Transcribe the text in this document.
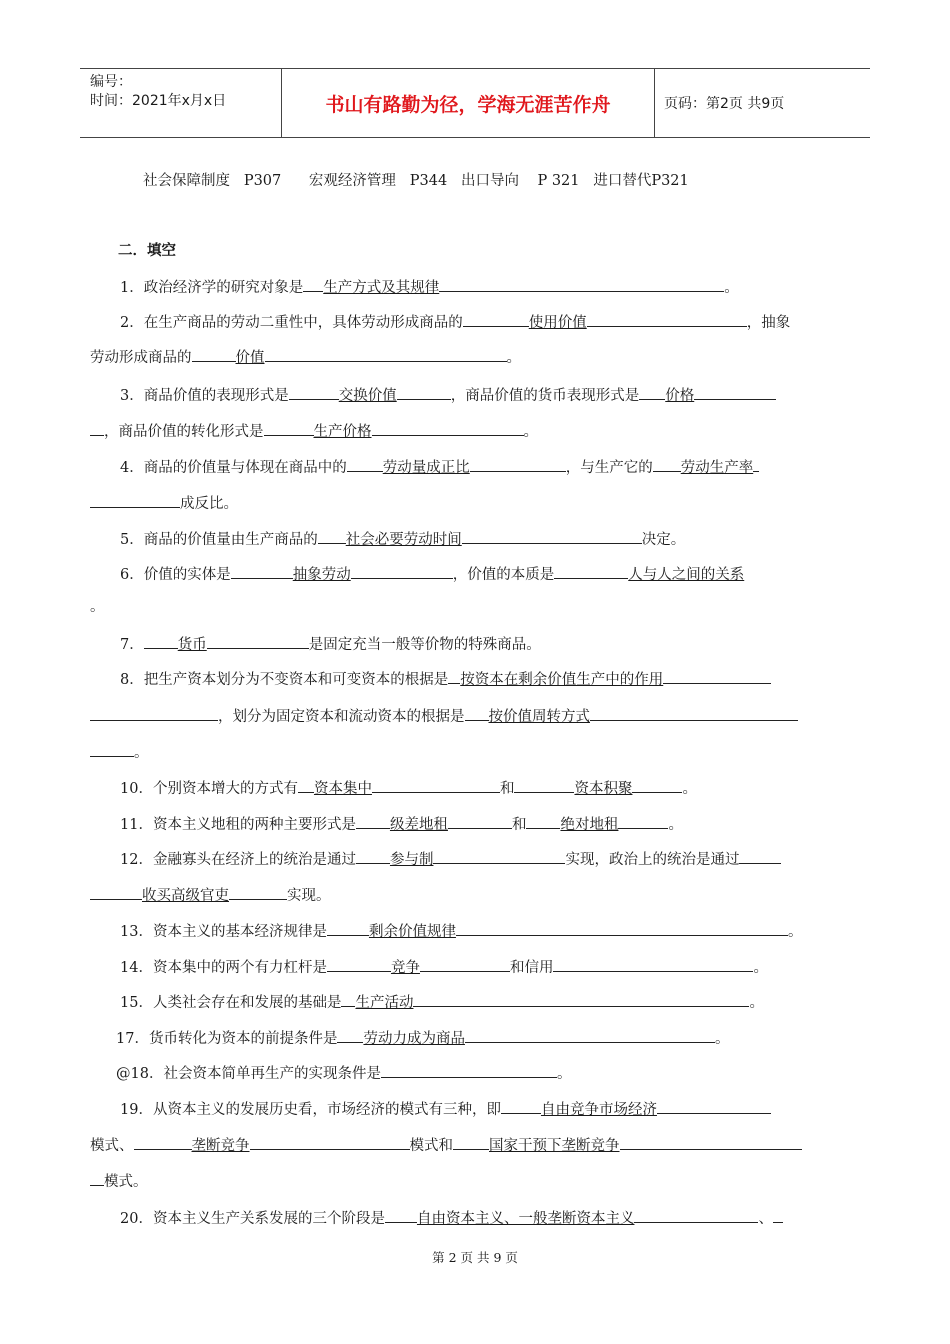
编号：
时间：2021年x月x日	书山有路勤为径，学海无涯苦作舟	页码：第2页 共9页
社会保障制度 P307 宏观经济管理 P344 出口导向 P 321 进口替代P321
二．填空
1．政治经济学的研究对象是 生产方式及其规律	。
2．在生产商品的劳动二重性中，具体劳动形成商品的	使用价值	，抽象
劳动形成商品的	价值	。
3．商品价值的表现形式是	交换价值	，商品价值的货币表现形式是 价格
，商品价值的转化形式是	生产价格	。
4．商品的价值量与体现在商品中的 劳动量成正比	，与生产它的 劳动生产率
成反比。
5．商品的价值量由生产商品的 社会必要劳动时间	决定。
6．价值的实体是	抽象劳动	，价值的本质是	人与人之间的关系
。
7． 货币	是固定充当一般等价物的特殊商品。
8．把生产资本划分为不变资本和可变资本的根据是 按资本在剩余价值生产中的作用
，划分为固定资本和流动资本的根据是 按价值周转方式
。
10．个别资本增大的方式有 资本集中	和	资本积聚	。
11．资本主义地租的两种主要形式是 级差地租	和 绝对地租	。
12．金融寡头在经济上的统治是通过 参与制	实现，政治上的统治是通过
收买高级官吏	实现。
13．资本主义的基本经济规律是	剩余价值规律	。
14．资本集中的两个有力杠杆是	竞争	和信用	。
15．人类社会存在和发展的基础是 生产活动	。
17．货币转化为资本的前提条件是 劳动力成为商品	。
@18．社会资本简单再生产的实现条件是	。
19．从资本主义的发展历史看，市场经济的模式有三种，即	自由竞争市场经济
模式、	垄断竞争	模式和 国家干预下垄断竞争
模式。
20．资本主义生产关系发展的三个阶段是 自由资本主义、一般垄断资本主义	、
第 2 页 共 9 页
